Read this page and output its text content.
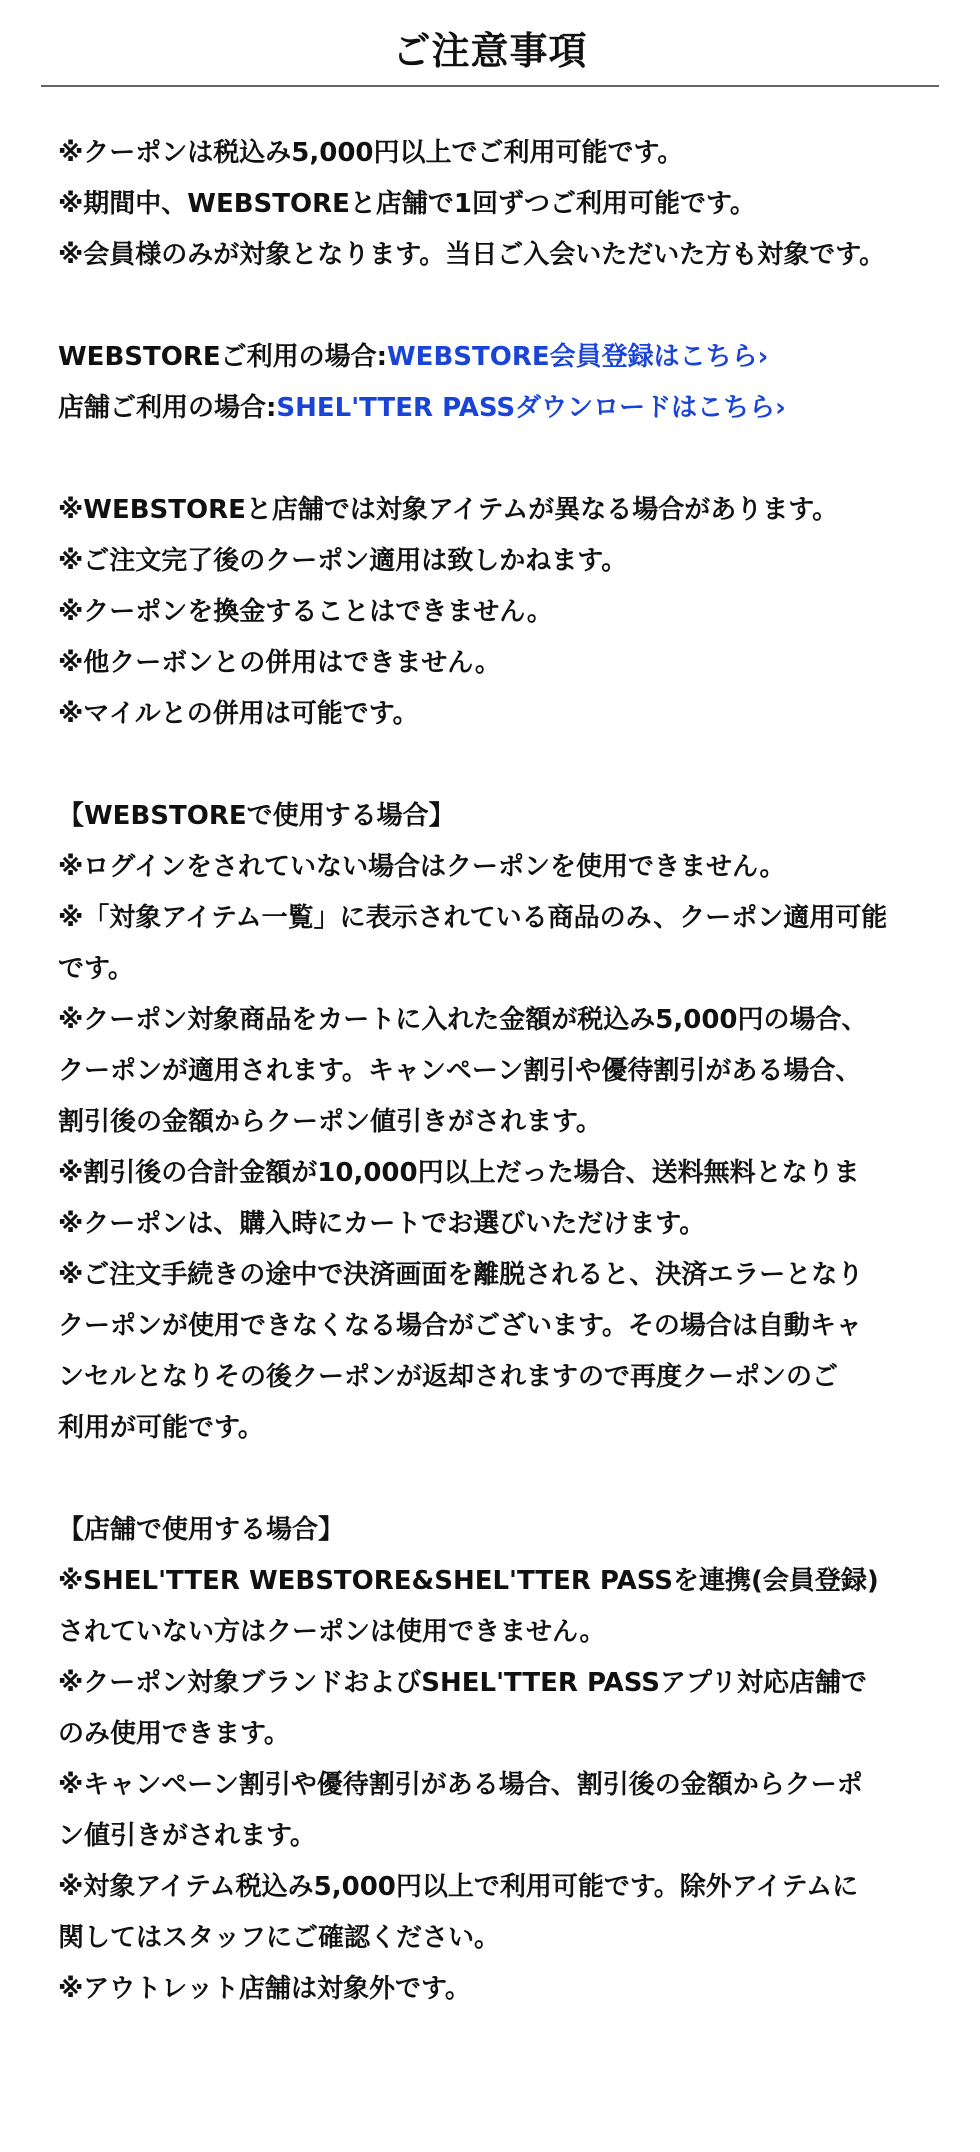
ご注意事項
※クーポンは税込み5,000円以上でご利用可能です。
※期間中、WEBSTOREと店舗で1回ずつご利用可能です。
※会員様のみが対象となります。当日ご入会いただいた方も対象です。
WEBSTOREご利用の場合:WEBSTORE会員登録はこちら›
店舗ご利用の場合:SHEL'TTER PASSダウンロードはこちら›
※WEBSTOREと店舗では対象アイテムが異なる場合があります。
※ご注文完了後のクーポン適用は致しかねます。
※クーポンを換金することはできません。
※他クーボンとの併用はできません。
※マイルとの併用は可能です。
【WEBSTOREで使用する場合】
※ログインをされていない場合はクーポンを使用できません。
※「対象アイテム一覧」に表示されている商品のみ、クーポン適用可能
です。
※クーポン対象商品をカートに入れた金額が税込み5,000円の場合、
クーポンが適用されます。キャンペーン割引や優待割引がある場合、
割引後の金額からクーポン値引きがされます。
※割引後の合計金額が10,000円以上だった場合、送料無料となりま
※クーポンは、購入時にカートでお選びいただけます。
※ご注文手続きの途中で決済画面を離脱されると、決済エラーとなり
クーポンが使用できなくなる場合がございます。その場合は自動キャ
ンセルとなりその後クーポンが返却されますので再度クーポンのご
利用が可能です。
【店舗で使用する場合】
※SHEL'TTER WEBSTORE&SHEL'TTER PASSを連携(会員登録)
されていない方はクーポンは使用できません。
※クーポン対象ブランドおよびSHEL'TTER PASSアプリ対応店舗で
のみ使用できます。
※キャンペーン割引や優待割引がある場合、割引後の金額からクーポ
ン値引きがされます。
※対象アイテム税込み5,000円以上で利用可能です。除外アイテムに
関してはスタッフにご確認ください。
※アウトレット店舗は対象外です。
